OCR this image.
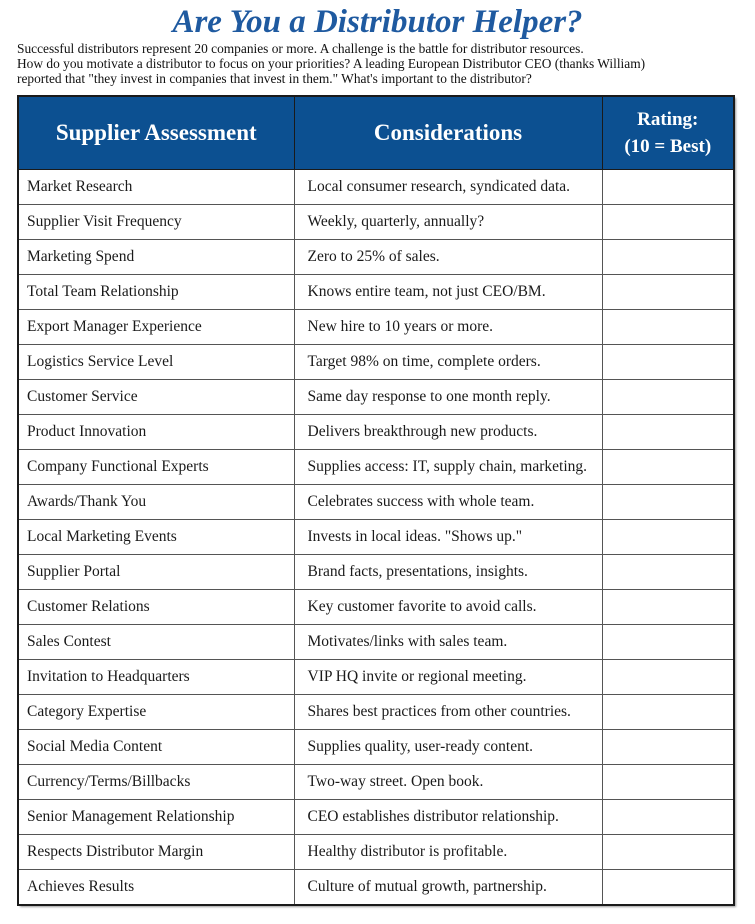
Are You a Distributor Helper?
Successful distributors represent 20 companies or more. A challenge is the battle for distributor resources.
How do you motivate a distributor to focus on your priorities? A leading European Distributor CEO (thanks William)
reported that "they invest in companies that invest in them." What's important to the distributor?
Supplier Assessment	Considerations	Rating:
(10 = Best)

Market Research	Local consumer research, syndicated data.	
Supplier Visit Frequency	Weekly, quarterly, annually?	
Marketing Spend	Zero to 25% of sales.	
Total Team Relationship	Knows entire team, not just CEO/BM.	
Export Manager Experience	New hire to 10 years or more.	
Logistics Service Level	Target 98% on time, complete orders.	
Customer Service	Same day response to one month reply.	
Product Innovation	Delivers breakthrough new products.	
Company Functional Experts	Supplies access: IT, supply chain, marketing.	
Awards/Thank You	Celebrates success with whole team.	
Local Marketing Events	Invests in local ideas. "Shows up."	
Supplier Portal	Brand facts, presentations, insights.	
Customer Relations	Key customer favorite to avoid calls.	
Sales Contest	Motivates/links with sales team.	
Invitation to Headquarters	VIP HQ invite or regional meeting.	
Category Expertise	Shares best practices from other countries.	
Social Media Content	Supplies quality, user-ready content.	
Currency/Terms/Billbacks	Two-way street. Open book.	
Senior Management Relationship	CEO establishes distributor relationship.	
Respects Distributor Margin	Healthy distributor is profitable.	
Achieves Results	Culture of mutual growth, partnership.	
